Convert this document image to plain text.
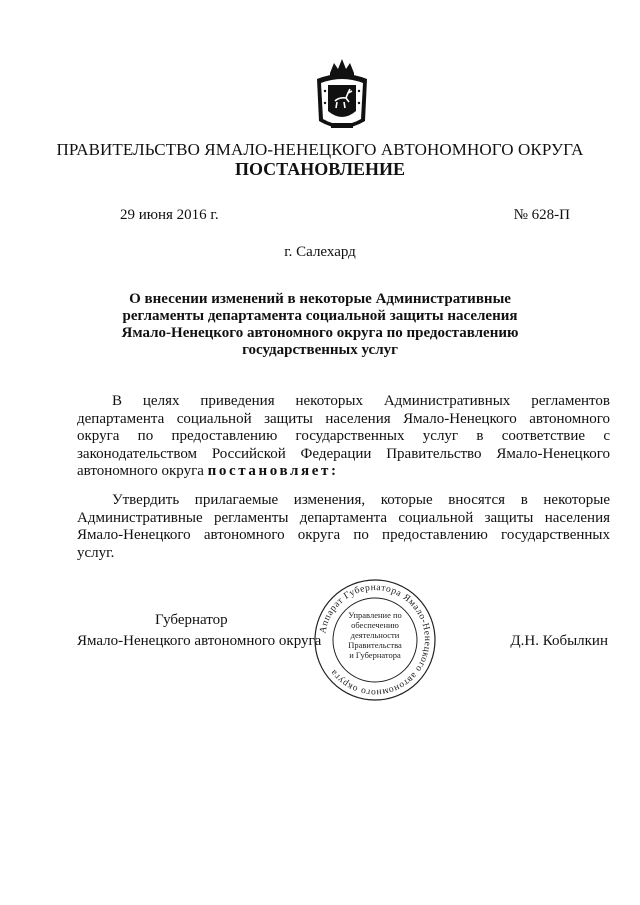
ПРАВИТЕЛЬСТВО ЯМАЛО-НЕНЕЦКОГО АВТОНОМНОГО ОКРУГА
ПОСТАНОВЛЕНИЕ
29 июня 2016 г.	№ 628-П
г. Салехард
О внесении изменений в некоторые Административные
регламенты департамента социальной защиты населения
Ямало-Ненецкого автономного округа по предоставлению
государственных услуг
В целях приведения некоторых Административных регламентов
департамента социальной защиты населения Ямало-Ненецкого автономного
округа по предоставлению государственных услуг в соответствие с
законодательством Российской Федерации Правительство Ямало-Ненецкого
автономного округа постановляет:
Утвердить прилагаемые изменения, которые вносятся в некоторые
Административные регламенты департамента социальной защиты населения
Ямало-Ненецкого автономного округа по предоставлению государственных
услуг.
Губернатор
Ямало-Ненецкого автономного округа	Д.Н. Кобылкин
Аппарат Губернатора Ямало-Ненецкого автономного округа
Управление по
обеспечению
деятельности
Правительства
и Губернатора
